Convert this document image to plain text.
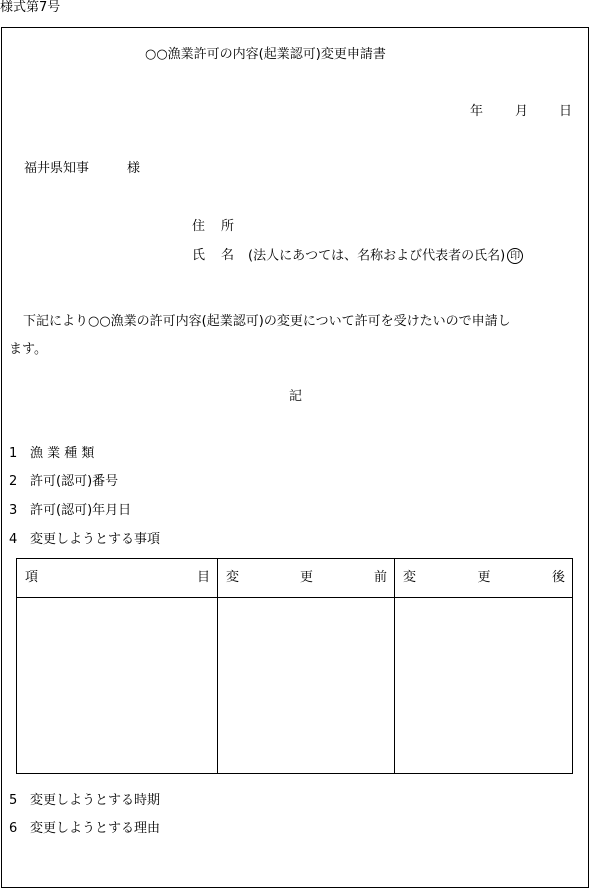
様式第7号
○○漁業許可の内容(起業認可)変更申請書
年 月 日
福井県知事	様
住 所
氏 名 (法人にあつては、名称および代表者の氏名) 印
下記により○○漁業の許可内容(起業認可)の変更について許可を受けたいので申請し
ます。
記
1 漁 業 種 類
2 許可(認可)番号
3 許可(認可)年月日
4 変更しようとする事項
項 目	変 更 前	変 更 後

5 変更しようとする時期
6 変更しようとする理由
